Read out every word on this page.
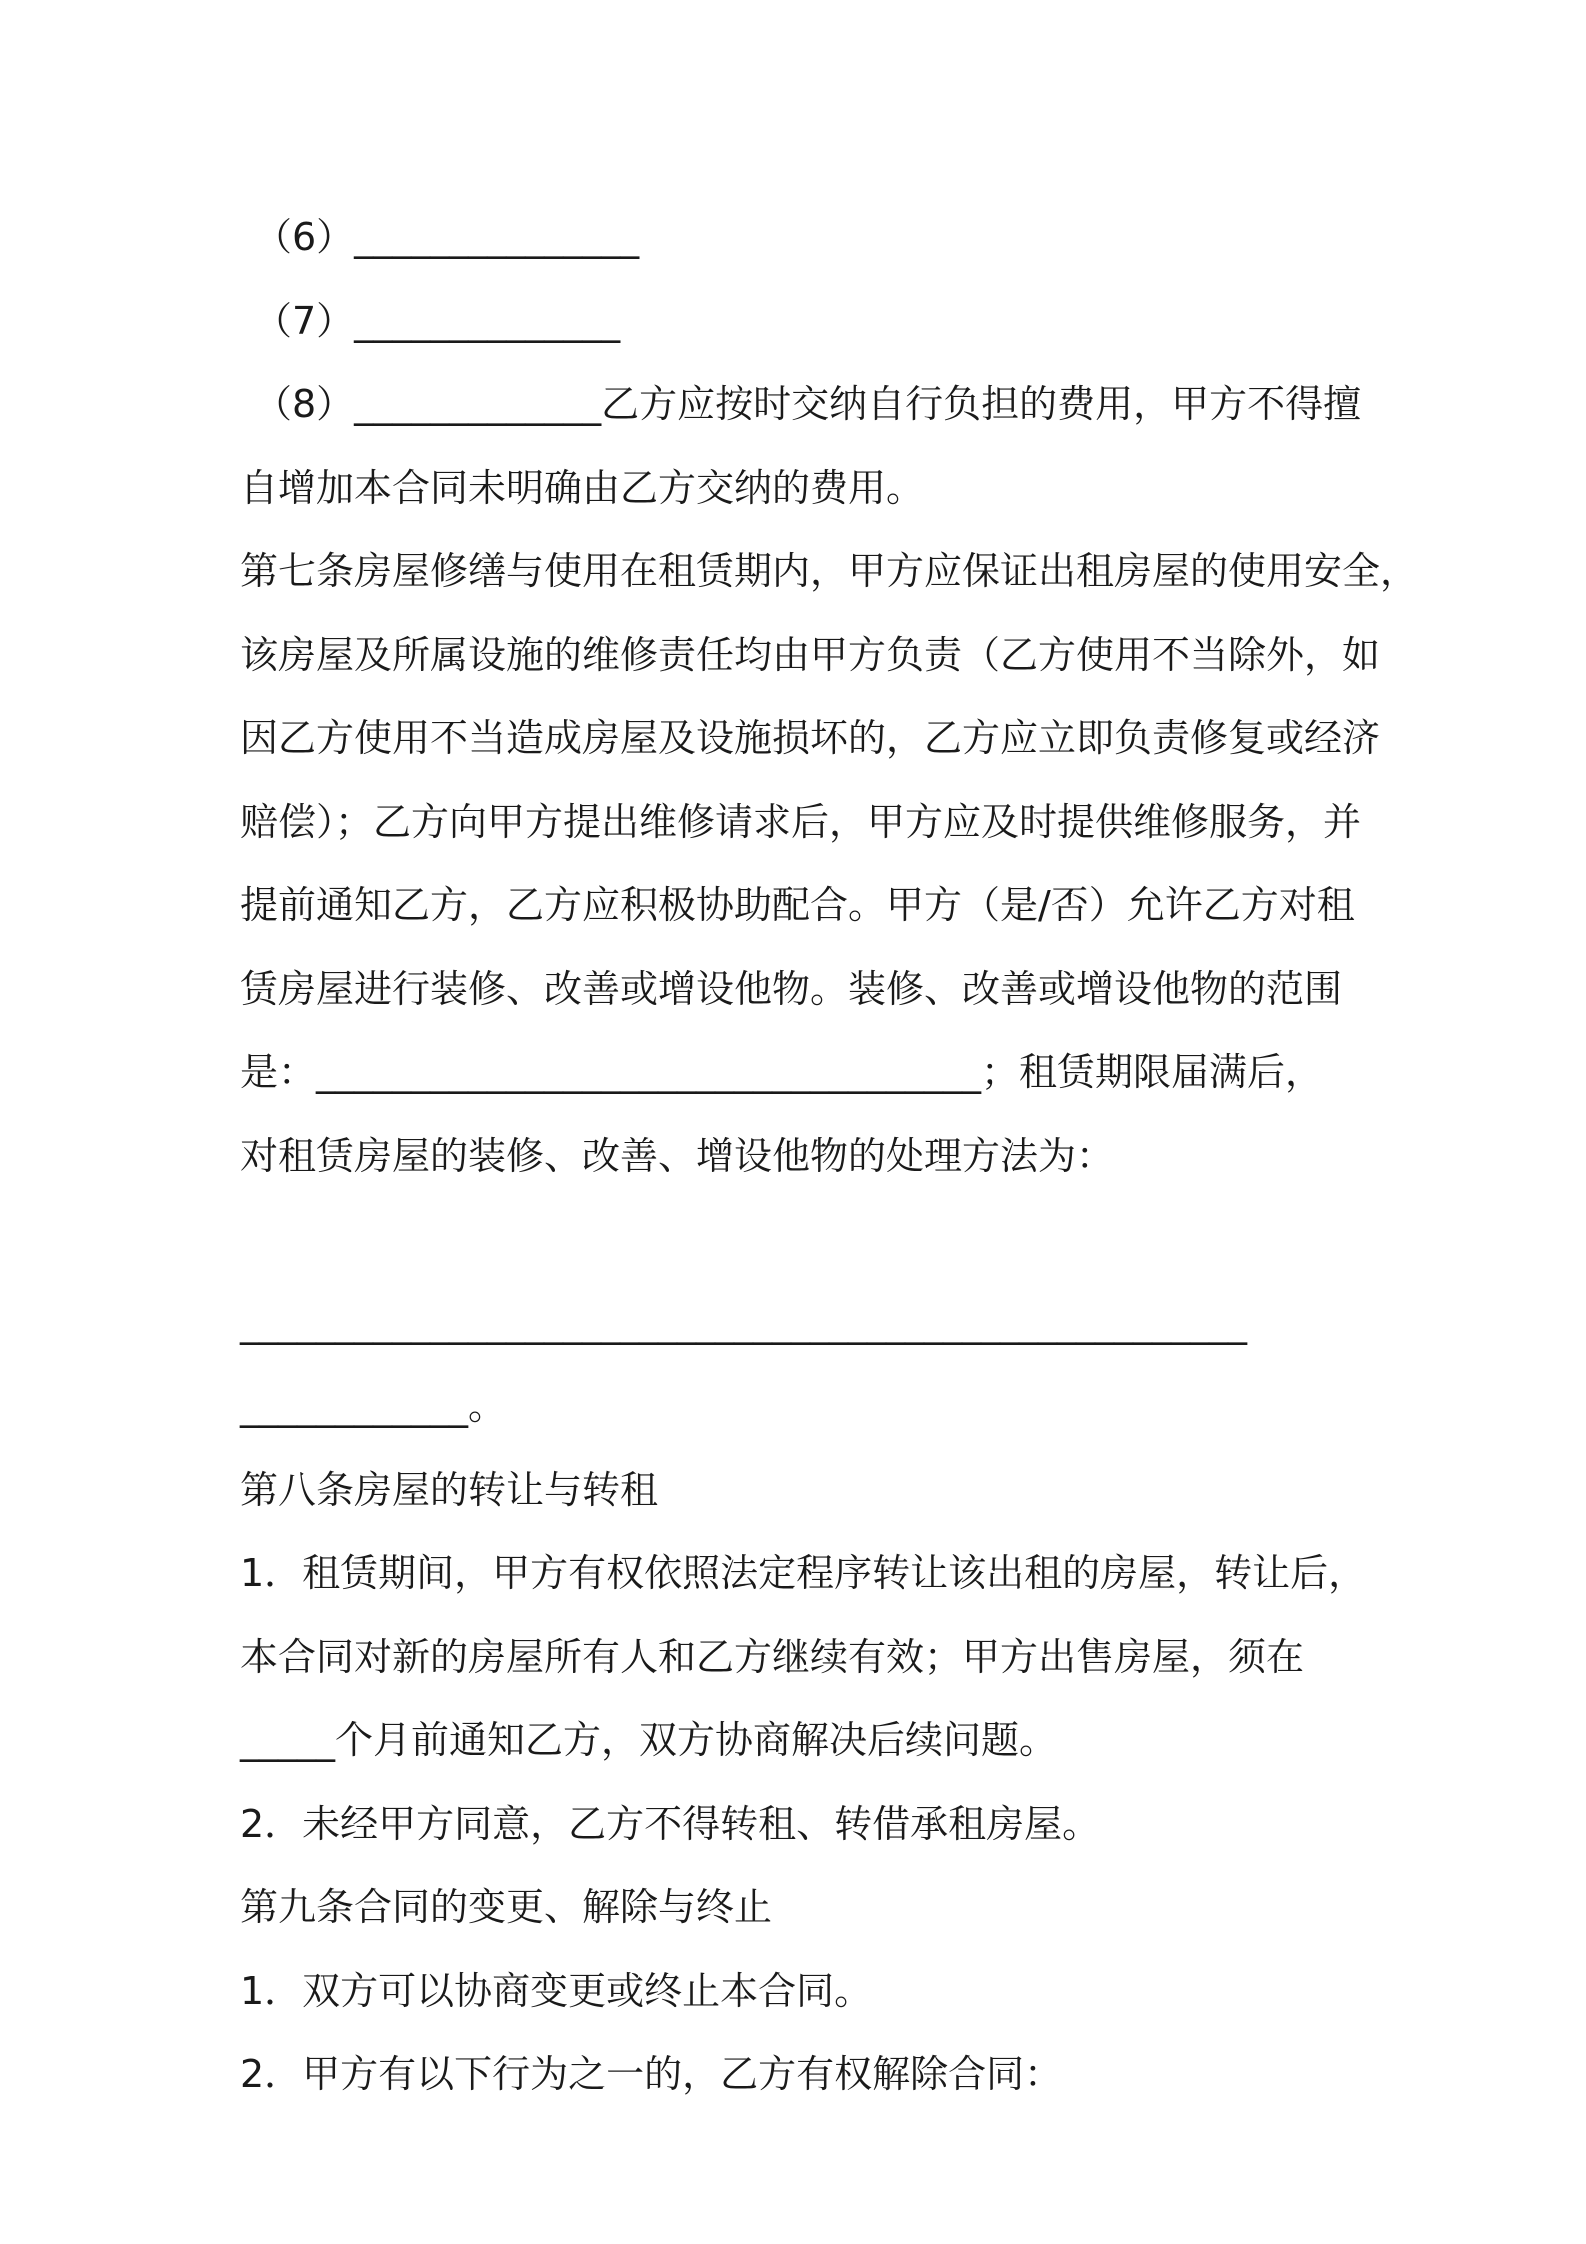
（6）_______________
（7）______________
（8）_____________乙方应按时交纳自行负担的费用，甲方不得擅
自增加本合同未明确由乙方交纳的费用。
第七条房屋修缮与使用在租赁期内，甲方应保证出租房屋的使用安全，
该房屋及所属设施的维修责任均由甲方负责（乙方使用不当除外，如
因乙方使用不当造成房屋及设施损坏的，乙方应立即负责修复或经济
赔偿）；乙方向甲方提出维修请求后，甲方应及时提供维修服务，并
提前通知乙方，乙方应积极协助配合。甲方（是/否）允许乙方对租
赁房屋进行装修、改善或增设他物。装修、改善或增设他物的范围
是：___________________________________；租赁期限届满后，
对租赁房屋的装修、改善、增设他物的处理方法为：
_____________________________________________________
____________。
第八条房屋的转让与转租
1．租赁期间，甲方有权依照法定程序转让该出租的房屋，转让后，
本合同对新的房屋所有人和乙方继续有效；甲方出售房屋，须在
_____个月前通知乙方，双方协商解决后续问题。
2．未经甲方同意，乙方不得转租、转借承租房屋。
第九条合同的变更、解除与终止
1．双方可以协商变更或终止本合同。
2．甲方有以下行为之一的，乙方有权解除合同：
